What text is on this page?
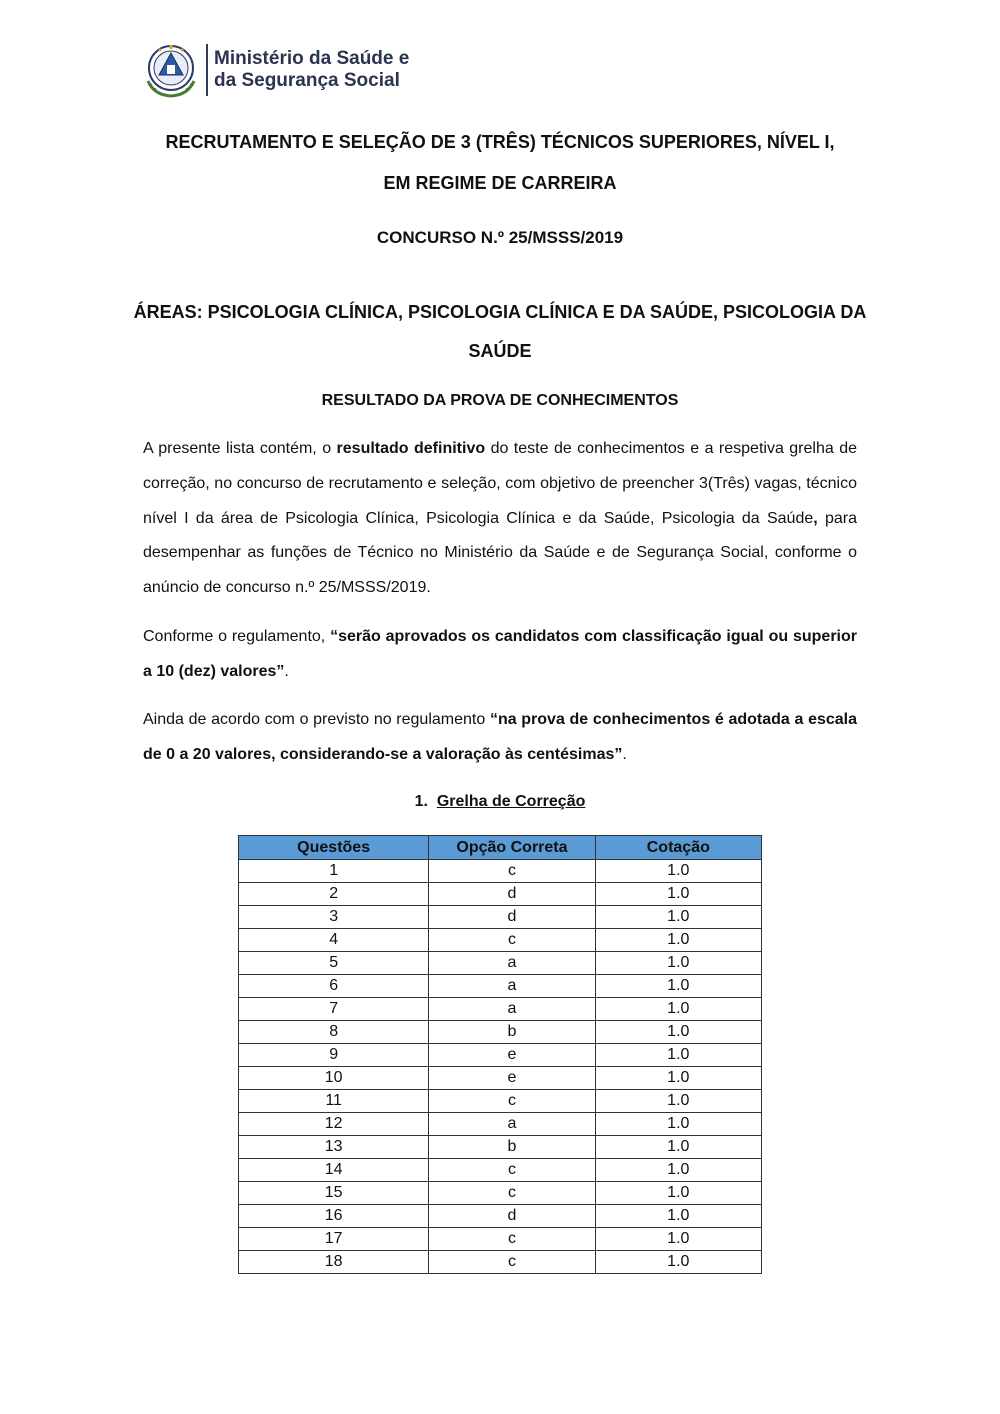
Ministério da Saúde e
da Segurança Social
RECRUTAMENTO E SELEÇÃO DE 3 (TRÊS) TÉCNICOS SUPERIORES, NÍVEL I,
EM REGIME DE CARREIRA
CONCURSO N.º 25/MSSS/2019
ÁREAS: PSICOLOGIA CLÍNICA, PSICOLOGIA CLÍNICA E DA SAÚDE, PSICOLOGIA DA
SAÚDE
RESULTADO DA PROVA DE CONHECIMENTOS
A presente lista contém, o resultado definitivo do teste de conhecimentos e a respetiva grelha de correção, no concurso de recrutamento e seleção, com objetivo de preencher 3(Três) vagas, técnico nível I da área de Psicologia Clínica, Psicologia Clínica e da Saúde, Psicologia da Saúde, para desempenhar as funções de Técnico no Ministério da Saúde e de Segurança Social, conforme o anúncio de concurso n.º 25/MSSS/2019.
Conforme o regulamento, “serão aprovados os candidatos com classificação igual ou superior a 10 (dez) valores”.
Ainda de acordo com o previsto no regulamento “na prova de conhecimentos é adotada a escala de 0 a 20 valores, considerando-se a valoração às centésimas”.
1. Grelha de Correção
Questões	Opção Correta	Cotação
1	c	1.0
2	d	1.0
3	d	1.0
4	c	1.0
5	a	1.0
6	a	1.0
7	a	1.0
8	b	1.0
9	e	1.0
10	e	1.0
11	c	1.0
12	a	1.0
13	b	1.0
14	c	1.0
15	c	1.0
16	d	1.0
17	c	1.0
18	c	1.0
